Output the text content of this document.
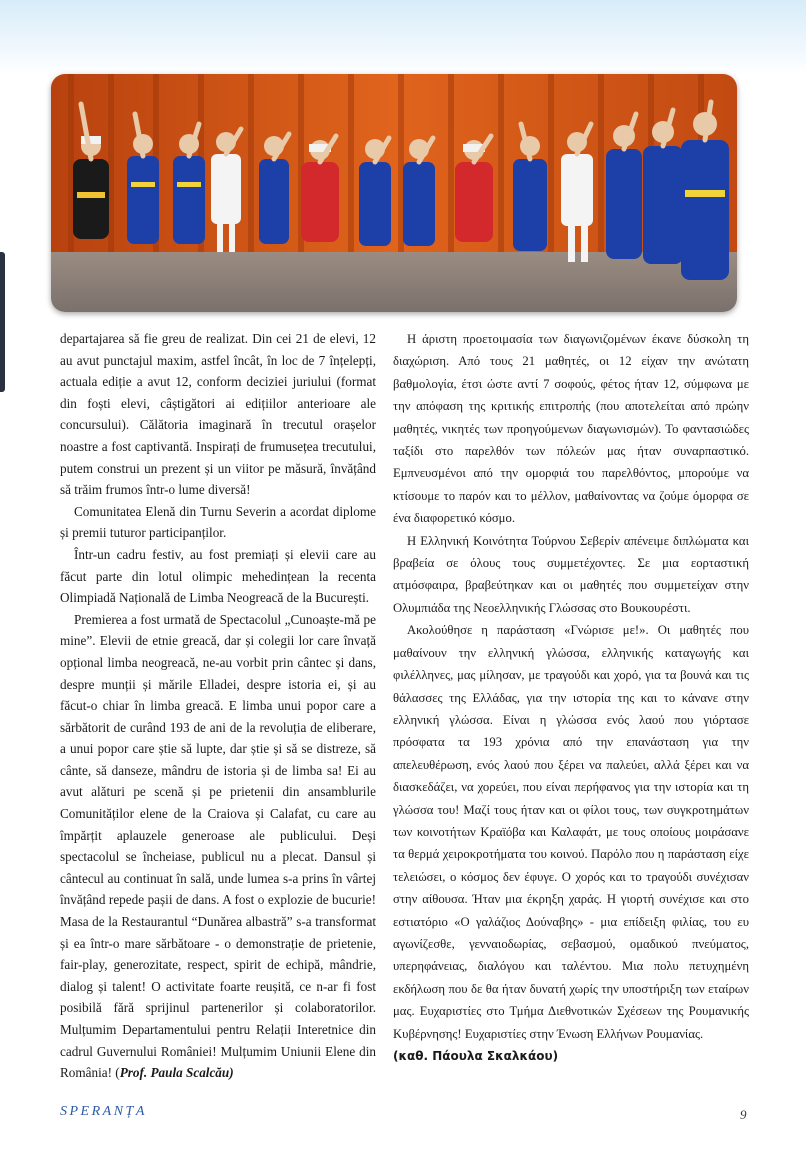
departajarea să fie greu de realizat. Din cei 21 de elevi, 12 au avut punctajul maxim, astfel încât, în loc de 7 înțelepți, actuala ediție a avut 12, conform deciziei juriului (format din foști elevi, câștigători ai edițiilor anterioare ale concursului). Călătoria imaginară în trecutul orașelor noastre a fost captivantă. Inspirați de frumusețea trecutului, putem construi un prezent și un viitor pe măsură, învățând să trăim frumos într-o lume diversă!

Comunitatea Elenă din Turnu Severin a acordat diplome și premii tuturor participanților.

Într-un cadru festiv, au fost premiați și elevii care au făcut parte din lotul olimpic mehedințean la recenta Olimpiadă Națională de Limba Neogreacă de la București.

Premierea a fost urmată de Spectacolul „Cunoaște-mă pe mine”. Elevii de etnie greacă, dar și colegii lor care învață opțional limba neogreacă, ne-au vorbit prin cântec și dans, despre munții și mările Elladei, despre istoria ei, și au făcut-o chiar în limba greacă. E limba unui popor care a sărbătorit de curând 193 de ani de la revoluția de eliberare, a unui popor care știe să lupte, dar știe și să se distreze, să cânte, să danseze, mândru de istoria și de limba sa! Ei au avut alături pe scenă și pe prietenii din ansamblurile Comunităților elene de la Craiova și Calafat, cu care au împărțit aplauzele generoase ale publicului. Deși spectacolul se încheiase, publicul nu a plecat. Dansul și cântecul au continuat în sală, unde lumea s-a prins în vârtej învățând repede pașii de dans. A fost o explozie de bucurie! Masa de la Restaurantul “Dunărea albastră” s-a transformat și ea într-o mare sărbătoare - o demonstrație de prietenie, fair-play, generozitate, respect, spirit de echipă, mândrie, dialog și talent! O activitate foarte reușită, ce n-ar fi fost posibilă fără sprijinul partenerilor și colaboratorilor. Mulțumim Departamentului pentru Relații Interetnice din cadrul Guvernului României! Mulțumim Uniunii Elene din România! (Prof. Paula Scalcău)

Η άριστη προετοιμασία των διαγωνιζομένων έκανε δύσκολη τη διαχώριση. Από τους 21 μαθητές, οι 12 είχαν την ανώτατη βαθμολογία, έτσι ώστε αντί 7 σοφούς, φέτος ήταν 12, σύμφωνα με την απόφαση της κριτικής επιτροπής (που αποτελείται από πρώην μαθητές, νικητές των προηγούμενων διαγωνισμών). Το φαντασιώδες ταξίδι στο παρελθόν των πόλεών μας ήταν συναρπαστικό. Εμπνευσμένοι από την ομορφιά του παρελθόντος, μπορούμε να κτίσουμε το παρόν και το μέλλον, μαθαίνοντας να ζούμε όμορφα σε ένα διαφορετικό κόσμο.

Η Ελληνική Κοινότητα Τούρνου Σεβερίν απένειμε διπλώματα και βραβεία σε όλους τους συμμετέχοντες. Σε μια εορταστική ατμόσφαιρα, βραβεύτηκαν και οι μαθητές που συμμετείχαν στην Ολυμπιάδα της Νεοελληνικής Γλώσσας στο Βουκουρέστι.

Ακολούθησε η παράσταση «Γνώρισε με!». Οι μαθητές που μαθαίνουν την ελληνική γλώσσα, ελληνικής καταγωγής και φιλέλληνες, μας μίλησαν, με τραγούδι και χορό, για τα βουνά και τις θάλασσες της Ελλάδας, για την ιστορία της και το κάνανε στην ελληνική γλώσσα. Είναι η γλώσσα ενός λαού που γιόρτασε πρόσφατα τα 193 χρόνια από την επανάσταση για την απελευθέρωση, ενός λαού που ξέρει να παλεύει, αλλά ξέρει και να διασκεδάζει, να χορεύει, που είναι περήφανος για την ιστορία και τη γλώσσα του! Μαζί τους ήταν και οι φίλοι τους, των συγκροτημάτων των κοινοτήτων Κραϊόβα και Καλαφάτ, με τους οποίους μοιράσανε τα θερμά χειροκροτήματα του κοινού. Παρόλο που η παράσταση είχε τελειώσει, ο κόσμος δεν έφυγε. Ο χορός και το τραγούδι συνέχισαν στην αίθουσα. Ήταν μια έκρηξη χαράς. Η γιορτή συνέχισε και στο εστιατόριο «Ο γαλάζιος Δούναβης» - μια επίδειξη φιλίας, του ευ αγωνίζεσθε, γενναιοδωρίας, σεβασμού, ομαδικού πνεύματος, υπερηφάνειας, διαλόγου και ταλέντου. Μια πολυ πετυχημένη εκδήλωση που δε θα ήταν δυνατή χωρίς την υποστήριξη των εταίρων μας. Ευχαριστίες στο Τμήμα Διεθνοτικών Σχέσεων της Ρουμανικής Κυβέρνησης! Ευχαριστίες στην Ένωση Ελλήνων Ρουμανίας.

(καθ. Πάουλα Σκαλκάου)

SPERANȚA	9
